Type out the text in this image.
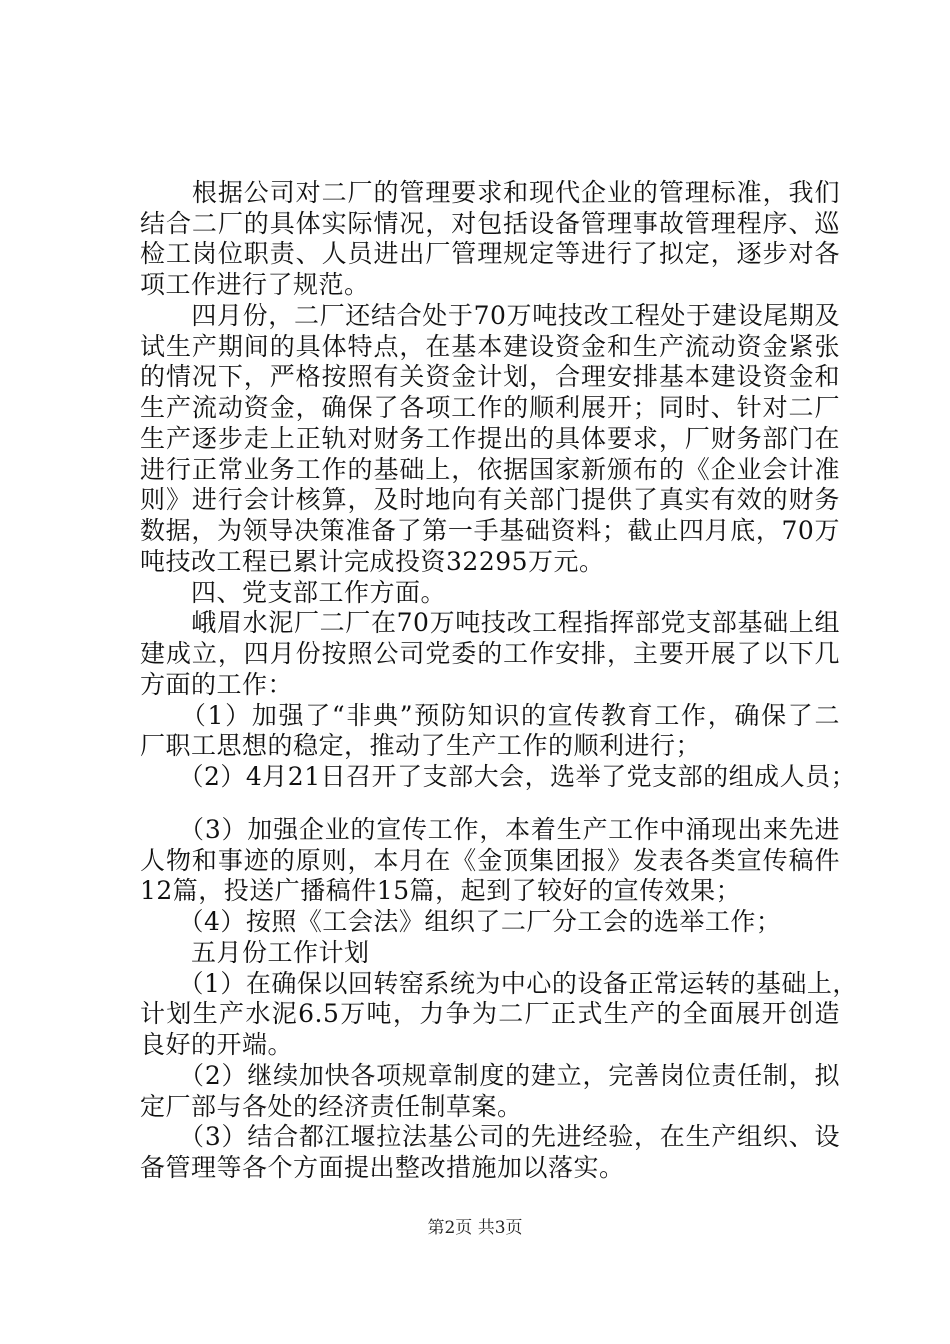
　　根据公司对二厂的管理要求和现代企业的管理标准，我们
结合二厂的具体实际情况，对包括设备管理事故管理程序、巡
检工岗位职责、人员进出厂管理规定等进行了拟定，逐步对各
项工作进行了规范。
　　四月份，二厂还结合处于70万吨技改工程处于建设尾期及
试生产期间的具体特点，在基本建设资金和生产流动资金紧张
的情况下，严格按照有关资金计划，合理安排基本建设资金和
生产流动资金，确保了各项工作的顺利展开；同时、针对二厂
生产逐步走上正轨对财务工作提出的具体要求，厂财务部门在
进行正常业务工作的基础上，依据国家新颁布的《企业会计准
则》进行会计核算，及时地向有关部门提供了真实有效的财务
数据，为领导决策准备了第一手基础资料；截止四月底，70万
吨技改工程已累计完成投资32295万元。
　　四、党支部工作方面。
　　峨眉水泥厂二厂在70万吨技改工程指挥部党支部基础上组
建成立，四月份按照公司党委的工作安排，主要开展了以下几
方面的工作：
　　（1）加强了“非典”预防知识的宣传教育工作，确保了二
厂职工思想的稳定，推动了生产工作的顺利进行；
　　（2）4月21日召开了支部大会，选举了党支部的组成人员；
　　（3）加强企业的宣传工作，本着生产工作中涌现出来先进
人物和事迹的原则，本月在《金顶集团报》发表各类宣传稿件
12篇，投送广播稿件15篇，起到了较好的宣传效果；
　　（4）按照《工会法》组织了二厂分工会的选举工作；
　　五月份工作计划
　　（1）在确保以回转窑系统为中心的设备正常运转的基础上，
计划生产水泥6.5万吨，力争为二厂正式生产的全面展开创造
良好的开端。
　　（2）继续加快各项规章制度的建立，完善岗位责任制，拟
定厂部与各处的经济责任制草案。
　　（3）结合都江堰拉法基公司的先进经验，在生产组织、设
备管理等各个方面提出整改措施加以落实。
第2页 共3页
